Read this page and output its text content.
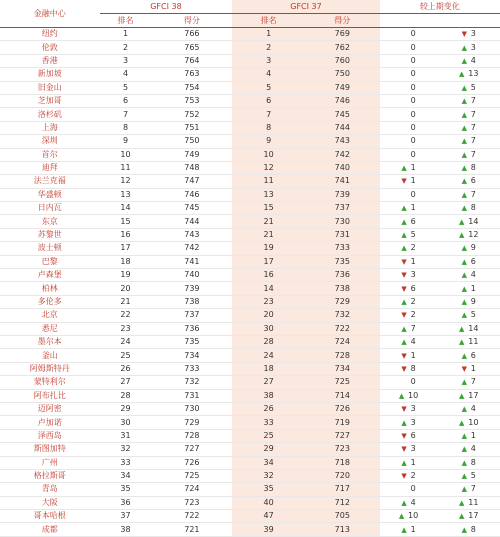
金融中心	GFCI 38		GFCI 37		较上期变化	
	排名	得分	排名	得分		
纽约	1	766	1	769	0	▼ 3
伦敦	2	765	2	762	0	▲ 3
香港	3	764	3	760	0	▲ 4
新加坡	4	763	4	750	0	▲ 13
旧金山	5	754	5	749	0	▲ 5
芝加哥	6	753	6	746	0	▲ 7
洛杉矶	7	752	7	745	0	▲ 7
上海	8	751	8	744	0	▲ 7
深圳	9	750	9	743	0	▲ 7
首尔	10	749	10	742	0	▲ 7
迪拜	11	748	12	740	▲ 1	▲ 8
法兰克福	12	747	11	741	▼ 1	▲ 6
华盛顿	13	746	13	739	0	▲ 7
日内瓦	14	745	15	737	▲ 1	▲ 8
东京	15	744	21	730	▲ 6	▲ 14
苏黎世	16	743	21	731	▲ 5	▲ 12
波士顿	17	742	19	733	▲ 2	▲ 9
巴黎	18	741	17	735	▼ 1	▲ 6
卢森堡	19	740	16	736	▼ 3	▲ 4
柏林	20	739	14	738	▼ 6	▲ 1
多伦多	21	738	23	729	▲ 2	▲ 9
北京	22	737	20	732	▼ 2	▲ 5
悉尼	23	736	30	722	▲ 7	▲ 14
墨尔本	24	735	28	724	▲ 4	▲ 11
釜山	25	734	24	728	▼ 1	▲ 6
阿姆斯特丹	26	733	18	734	▼ 8	▼ 1
蒙特利尔	27	732	27	725	0	▲ 7
阿布扎比	28	731	38	714	▲ 10	▲ 17
迈阿密	29	730	26	726	▼ 3	▲ 4
卢加诺	30	729	33	719	▲ 3	▲ 10
泽西岛	31	728	25	727	▼ 6	▲ 1
斯图加特	32	727	29	723	▼ 3	▲ 4
广州	33	726	34	718	▲ 1	▲ 8
格拉斯哥	34	725	32	720	▼ 2	▲ 5
青岛	35	724	35	717	0	▲ 7
大阪	36	723	40	712	▲ 4	▲ 11
哥本哈根	37	722	47	705	▲ 10	▲ 17
成都	38	721	39	713	▲ 1	▲ 8
